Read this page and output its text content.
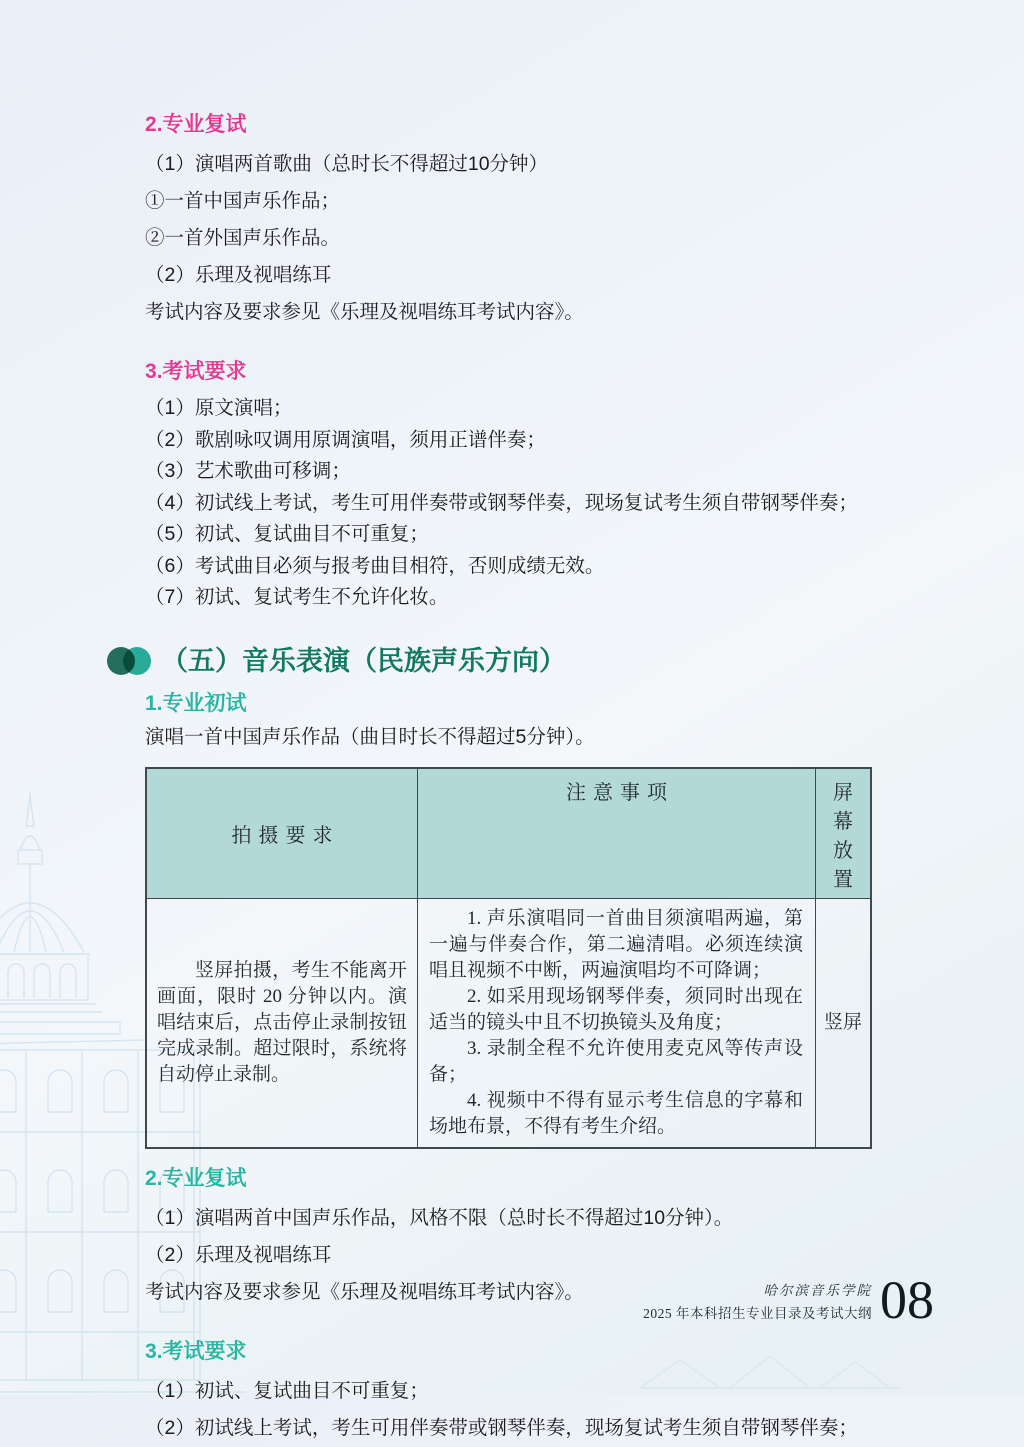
2.专业复试
（1）演唱两首歌曲（总时长不得超过10分钟）
①一首中国声乐作品；
②一首外国声乐作品。
（2）乐理及视唱练耳
考试内容及要求参见《乐理及视唱练耳考试内容》。
3.考试要求
（1）原文演唱；
（2）歌剧咏叹调用原调演唱，须用正谱伴奏；
（3）艺术歌曲可移调；
（4）初试线上考试，考生可用伴奏带或钢琴伴奏，现场复试考生须自带钢琴伴奏；
（5）初试、复试曲目不可重复；
（6）考试曲目必须与报考曲目相符，否则成绩无效。
（7）初试、复试考生不允许化妆。
（五）音乐表演（民族声乐方向）
1.专业初试
演唱一首中国声乐作品（曲目时长不得超过5分钟）。
拍摄要求	注意事项	屏幕放置

竖屏拍摄，考生不能离开画面，限时 20 分钟以内。演唱结束后，点击停止录制按钮完成录制。超过限时，系统将自动停止录制。	1. 声乐演唱同一首曲目须演唱两遍，第一遍与伴奏合作，第二遍清唱。必须连续演唱且视频不中断，两遍演唱均不可降调；

2. 如采用现场钢琴伴奏，须同时出现在适当的镜头中且不切换镜头及角度；

3. 录制全程不允许使用麦克风等传声设备；

4. 视频中不得有显示考生信息的字幕和场地布景，不得有考生介绍。	竖屏
2.专业复试
（1）演唱两首中国声乐作品，风格不限（总时长不得超过10分钟）。
（2）乐理及视唱练耳
考试内容及要求参见《乐理及视唱练耳考试内容》。
3.考试要求
（1）初试、复试曲目不可重复；
（2）初试线上考试，考生可用伴奏带或钢琴伴奏，现场复试考生须自带钢琴伴奏；
哈尔滨音乐学院
2025 年本科招生专业目录及考试大纲 08
